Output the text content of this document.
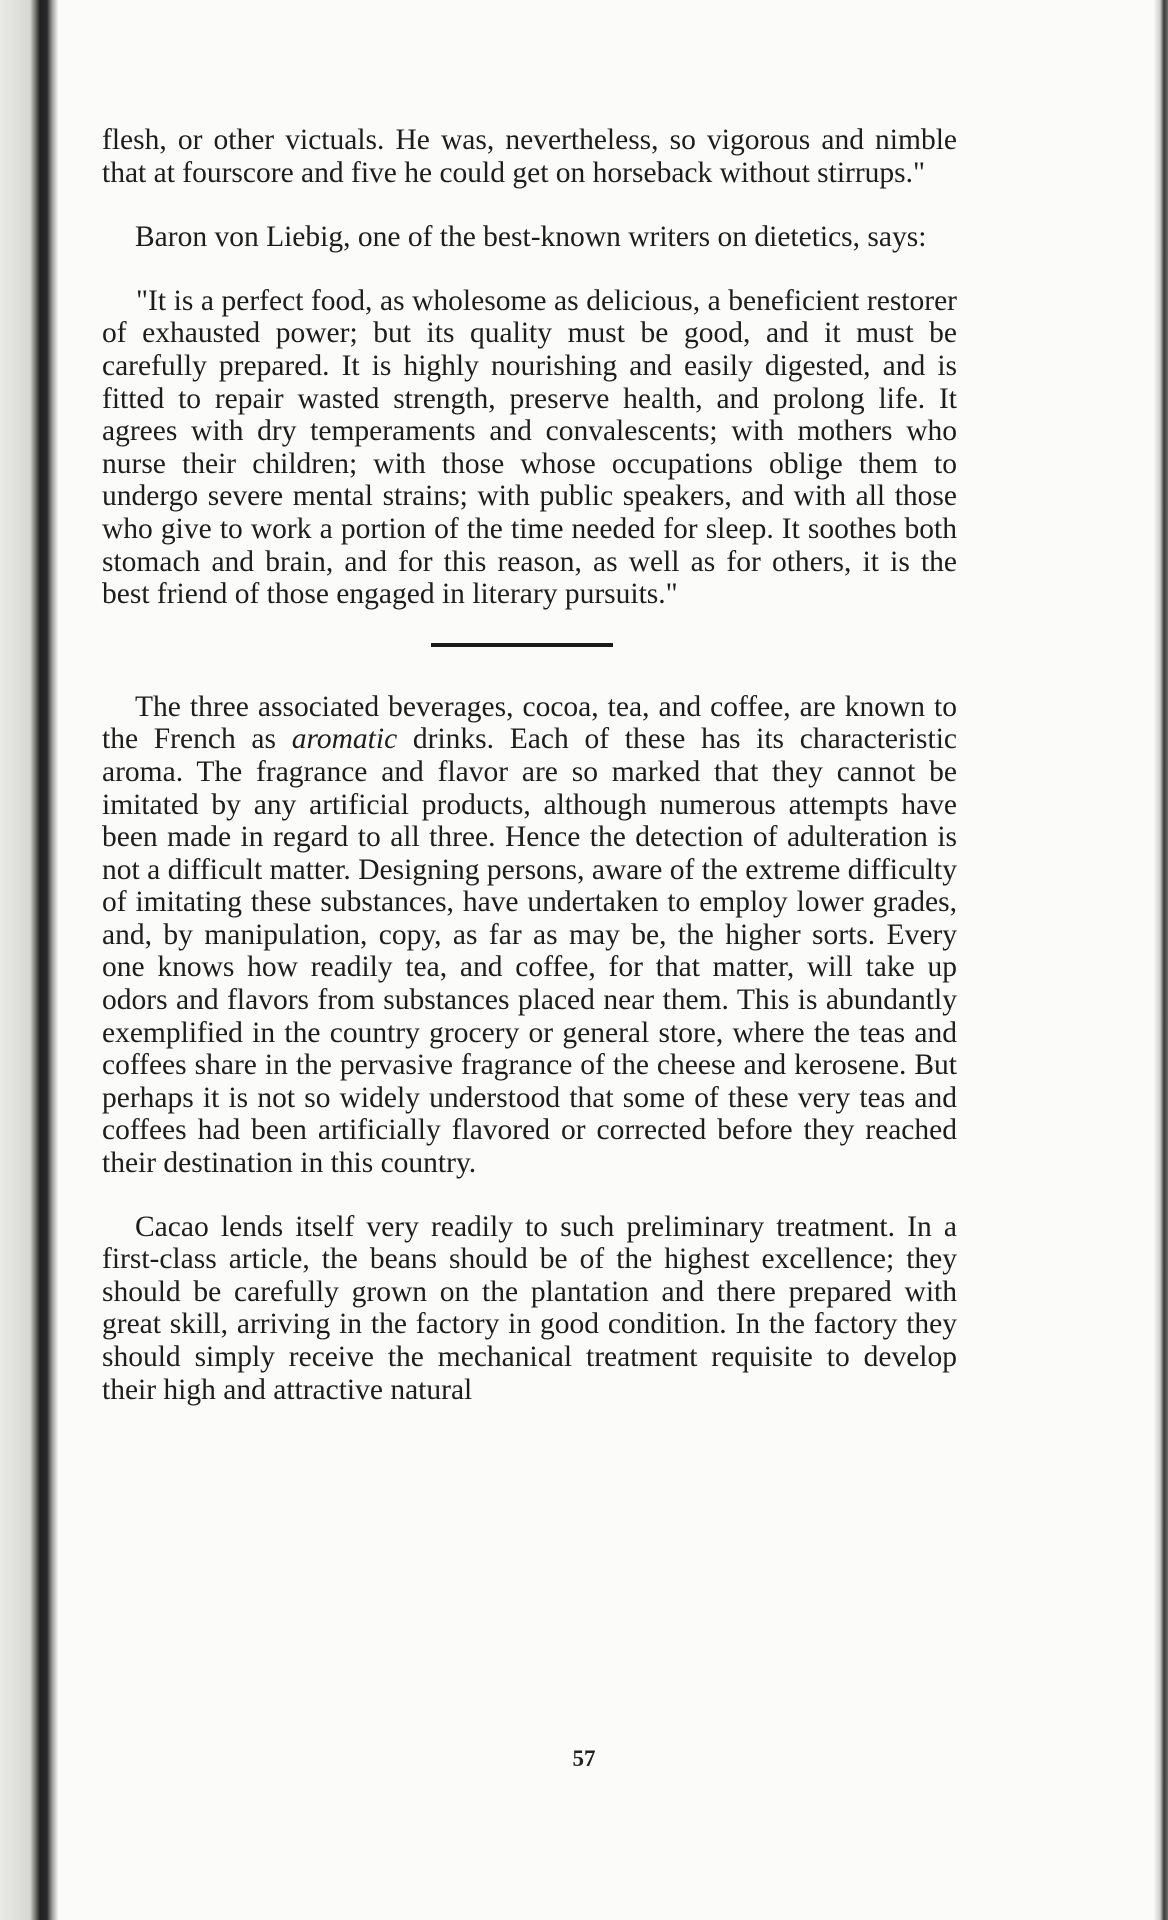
flesh, or other victuals. He was, nevertheless, so vigorous and nimble that at fourscore and five he could get on horseback without stirrups."

Baron von Liebig, one of the best-known writers on dietetics, says:

"It is a perfect food, as wholesome as delicious, a beneficient restorer of exhausted power; but its quality must be good, and it must be carefully prepared. It is highly nourishing and easily digested, and is fitted to repair wasted strength, preserve health, and prolong life. It agrees with dry temperaments and convalescents; with mothers who nurse their children; with those whose occupations oblige them to undergo severe mental strains; with public speakers, and with all those who give to work a portion of the time needed for sleep. It soothes both stomach and brain, and for this reason, as well as for others, it is the best friend of those engaged in literary pursuits."

The three associated beverages, cocoa, tea, and coffee, are known to the French as aromatic drinks. Each of these has its characteristic aroma. The fragrance and flavor are so marked that they cannot be imitated by any artificial products, although numerous attempts have been made in regard to all three. Hence the detection of adulteration is not a difficult matter. Designing persons, aware of the extreme difficulty of imitating these substances, have undertaken to employ lower grades, and, by manipulation, copy, as far as may be, the higher sorts. Every one knows how readily tea, and coffee, for that matter, will take up odors and flavors from substances placed near them. This is abundantly exemplified in the country grocery or general store, where the teas and coffees share in the pervasive fragrance of the cheese and kerosene. But perhaps it is not so widely understood that some of these very teas and coffees had been artificially flavored or corrected before they reached their destination in this country.

Cacao lends itself very readily to such preliminary treatment. In a first-class article, the beans should be of the highest excellence; they should be carefully grown on the plantation and there prepared with great skill, arriving in the factory in good condition. In the factory they should simply receive the mechanical treatment requisite to develop their high and attractive natural

57
